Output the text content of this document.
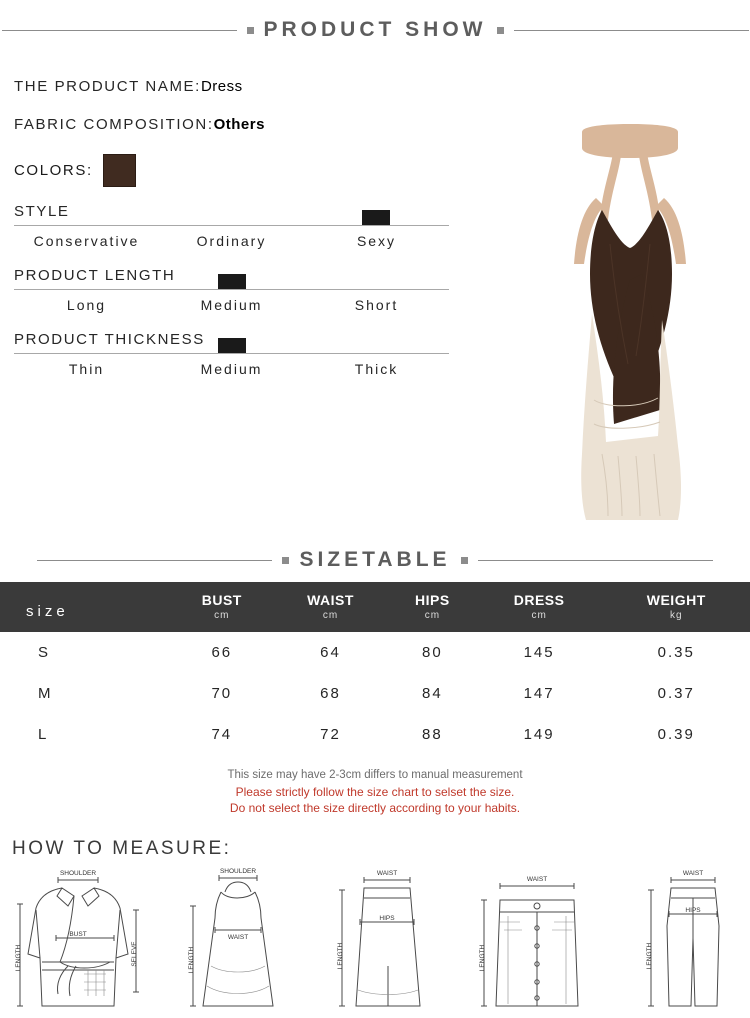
PRODUCT SHOW
THE PRODUCT NAME:Dress
FABRIC COMPOSITION:Others
COLORS:
STYLE
Conservative	Ordinary	Sexy
PRODUCT LENGTH
Long	Medium	Short
PRODUCT THICKNESS
Thin	Medium	Thick
SIZETABLE
size	BUST	WAIST	HIPS	DRESS	WEIGHT
	cm	cm	cm	cm	kg
S	66	64	80	145	0.35
M	70	68	84	147	0.37
L	74	72	88	149	0.39
This size may have 2-3cm differs to manual measurement
Please strictly follow the size chart to selset the size.
Do not select the size directly according to your habits.
HOW TO MEASURE:
SHOULDER
BUST
LENGTH	SELEVE
SHOULDER
WAIST
LENGTH
WAIST
HIPS
LENGTH
WAIST
LENGTH
WAIST
HIPS
LENGTH
